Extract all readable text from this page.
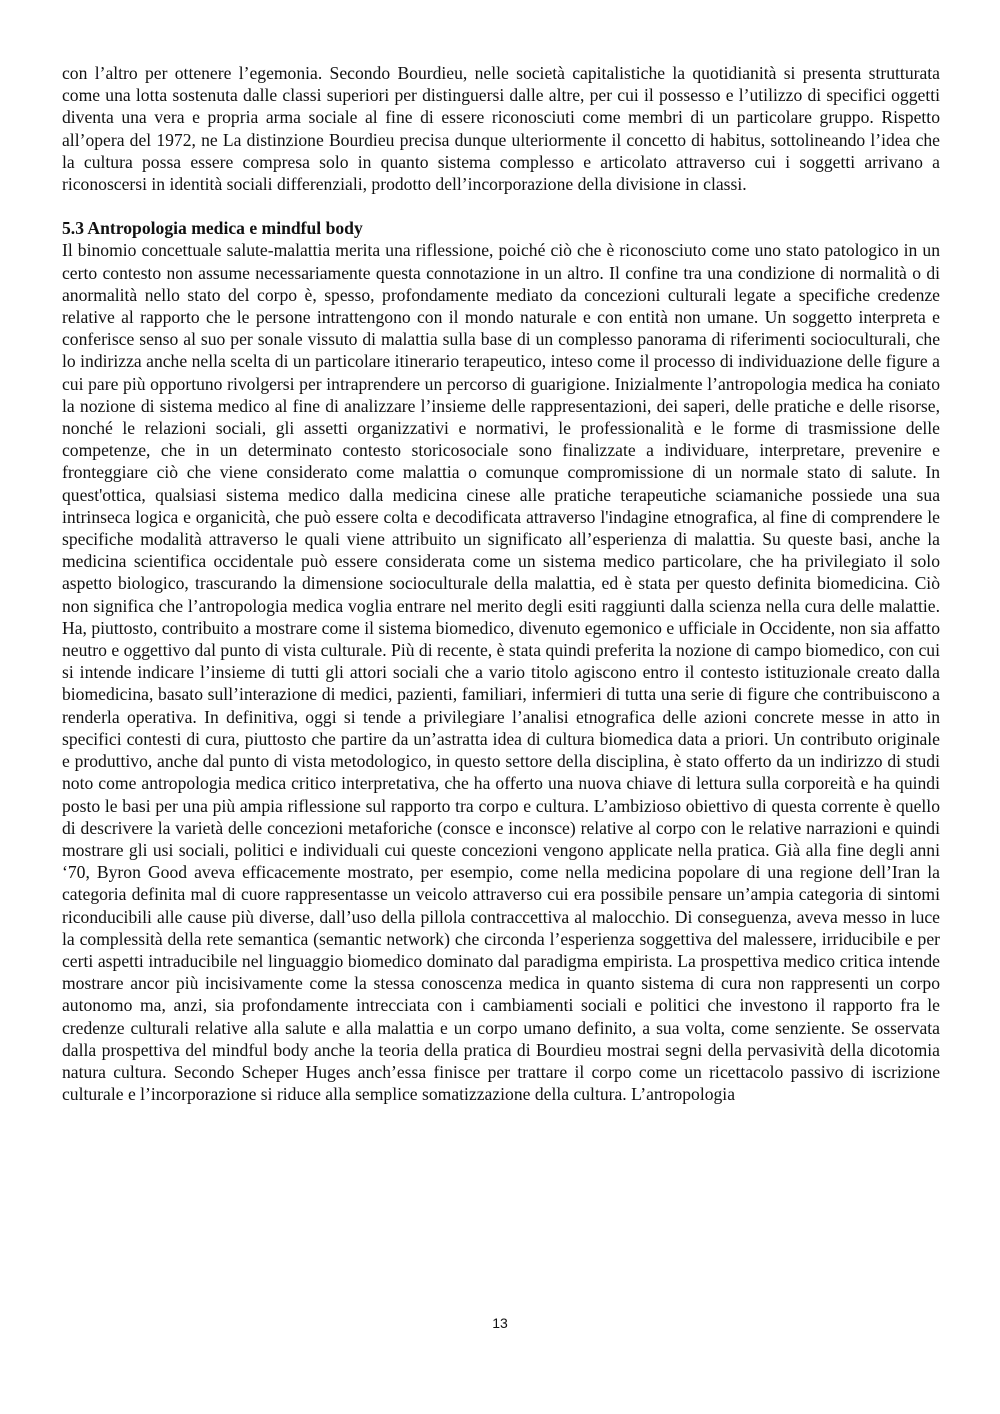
con l’altro per ottenere l’egemonia. Secondo Bourdieu, nelle società capitalistiche la quotidianità si presenta strutturata come una lotta sostenuta dalle classi superiori per distinguersi dalle altre, per cui il possesso e l’utilizzo di specifici oggetti diventa una vera e propria arma sociale al fine di essere riconosciuti come membri di un particolare gruppo. Rispetto all’opera del 1972, ne La distinzione Bourdieu precisa dunque ulteriormente il concetto di habitus, sottolineando l’idea che la cultura possa essere compresa solo in quanto sistema complesso e articolato attraverso cui i soggetti arrivano a riconoscersi in identità sociali differenziali, prodotto dell’incorporazione della divisione in classi.

5.3 Antropologia medica e mindful body

Il binomio concettuale salute-malattia merita una riflessione, poiché ciò che è riconosciuto come uno stato patologico in un certo contesto non assume necessariamente questa connotazione in un altro. Il confine tra una condizione di normalità o di anormalità nello stato del corpo è, spesso, profondamente mediato da concezioni culturali legate a specifiche credenze relative al rapporto che le persone intrattengono con il mondo naturale e con entità non umane. Un soggetto interpreta e conferisce senso al suo per sonale vissuto di malattia sulla base di un complesso panorama di riferimenti socioculturali, che lo indirizza anche nella scelta di un particolare itinerario terapeutico, inteso come il processo di individuazione delle figure a cui pare più opportuno rivolgersi per intraprendere un percorso di guarigione. Inizialmente l’antropologia medica ha coniato la nozione di sistema medico al fine di analizzare l’insieme delle rappresentazioni, dei saperi, delle pratiche e delle risorse, nonché le relazioni sociali, gli assetti organizzativi e normativi, le professionalità e le forme di trasmissione delle competenze, che in un determinato contesto storicosociale sono finalizzate a individuare, interpretare, prevenire e fronteggiare ciò che viene considerato come malattia o comunque compromissione di un normale stato di salute. In quest'ottica, qualsiasi sistema medico dalla medicina cinese alle pratiche terapeutiche sciamaniche possiede una sua intrinseca logica e organicità, che può essere colta e decodificata attraverso l'indagine etnografica, al fine di comprendere le specifiche modalità attraverso le quali viene attribuito un significato all’esperienza di malattia. Su queste basi, anche la medicina scientifica occidentale può essere considerata come un sistema medico particolare, che ha privilegiato il solo aspetto biologico, trascurando la dimensione socioculturale della malattia, ed è stata per questo definita biomedicina. Ciò non significa che l’antropologia medica voglia entrare nel merito degli esiti raggiunti dalla scienza nella cura delle malattie. Ha, piuttosto, contribuito a mostrare come il sistema biomedico, divenuto egemonico e ufficiale in Occidente, non sia affatto neutro e oggettivo dal punto di vista culturale. Più di recente, è stata quindi preferita la nozione di campo biomedico, con cui si intende indicare l’insieme di tutti gli attori sociali che a vario titolo agiscono entro il contesto istituzionale creato dalla biomedicina, basato sull’interazione di medici, pazienti, familiari, infermieri di tutta una serie di figure che contribuiscono a renderla operativa. In definitiva, oggi si tende a privilegiare l’analisi etnografica delle azioni concrete messe in atto in specifici contesti di cura, piuttosto che partire da un’astratta idea di cultura biomedica data a priori. Un contributo originale e produttivo, anche dal punto di vista metodologico, in questo settore della disciplina, è stato offerto da un indirizzo di studi noto come antropologia medica critico interpretativa, che ha offerto una nuova chiave di lettura sulla corporeità e ha quindi posto le basi per una più ampia riflessione sul rapporto tra corpo e cultura. L’ambizioso obiettivo di questa corrente è quello di descrivere la varietà delle concezioni metaforiche (consce e inconsce) relative al corpo con le relative narrazioni e quindi mostrare gli usi sociali, politici e individuali cui queste concezioni vengono applicate nella pratica. Già alla fine degli anni ‘70, Byron Good aveva efficacemente mostrato, per esempio, come nella medicina popolare di una regione dell’Iran la categoria definita mal di cuore rappresentasse un veicolo attraverso cui era possibile pensare un’ampia categoria di sintomi riconducibili alle cause più diverse, dall’uso della pillola contraccettiva al malocchio. Di conseguenza, aveva messo in luce la complessità della rete semantica (semantic network) che circonda l’esperienza soggettiva del malessere, irriducibile e per certi aspetti intraducibile nel linguaggio biomedico dominato dal paradigma empirista. La prospettiva medico critica intende mostrare ancor più incisivamente come la stessa conoscenza medica in quanto sistema di cura non rappresenti un corpo autonomo ma, anzi, sia profondamente intrecciata con i cambiamenti sociali e politici che investono il rapporto fra le credenze culturali relative alla salute e alla malattia e un corpo umano definito, a sua volta, come senziente. Se osservata dalla prospettiva del mindful body anche la teoria della pratica di Bourdieu mostrai segni della pervasività della dicotomia natura cultura. Secondo Scheper Huges anch’essa finisce per trattare il corpo come un ricettacolo passivo di iscrizione culturale e l’incorporazione si riduce alla semplice somatizzazione della cultura. L’antropologia

13
